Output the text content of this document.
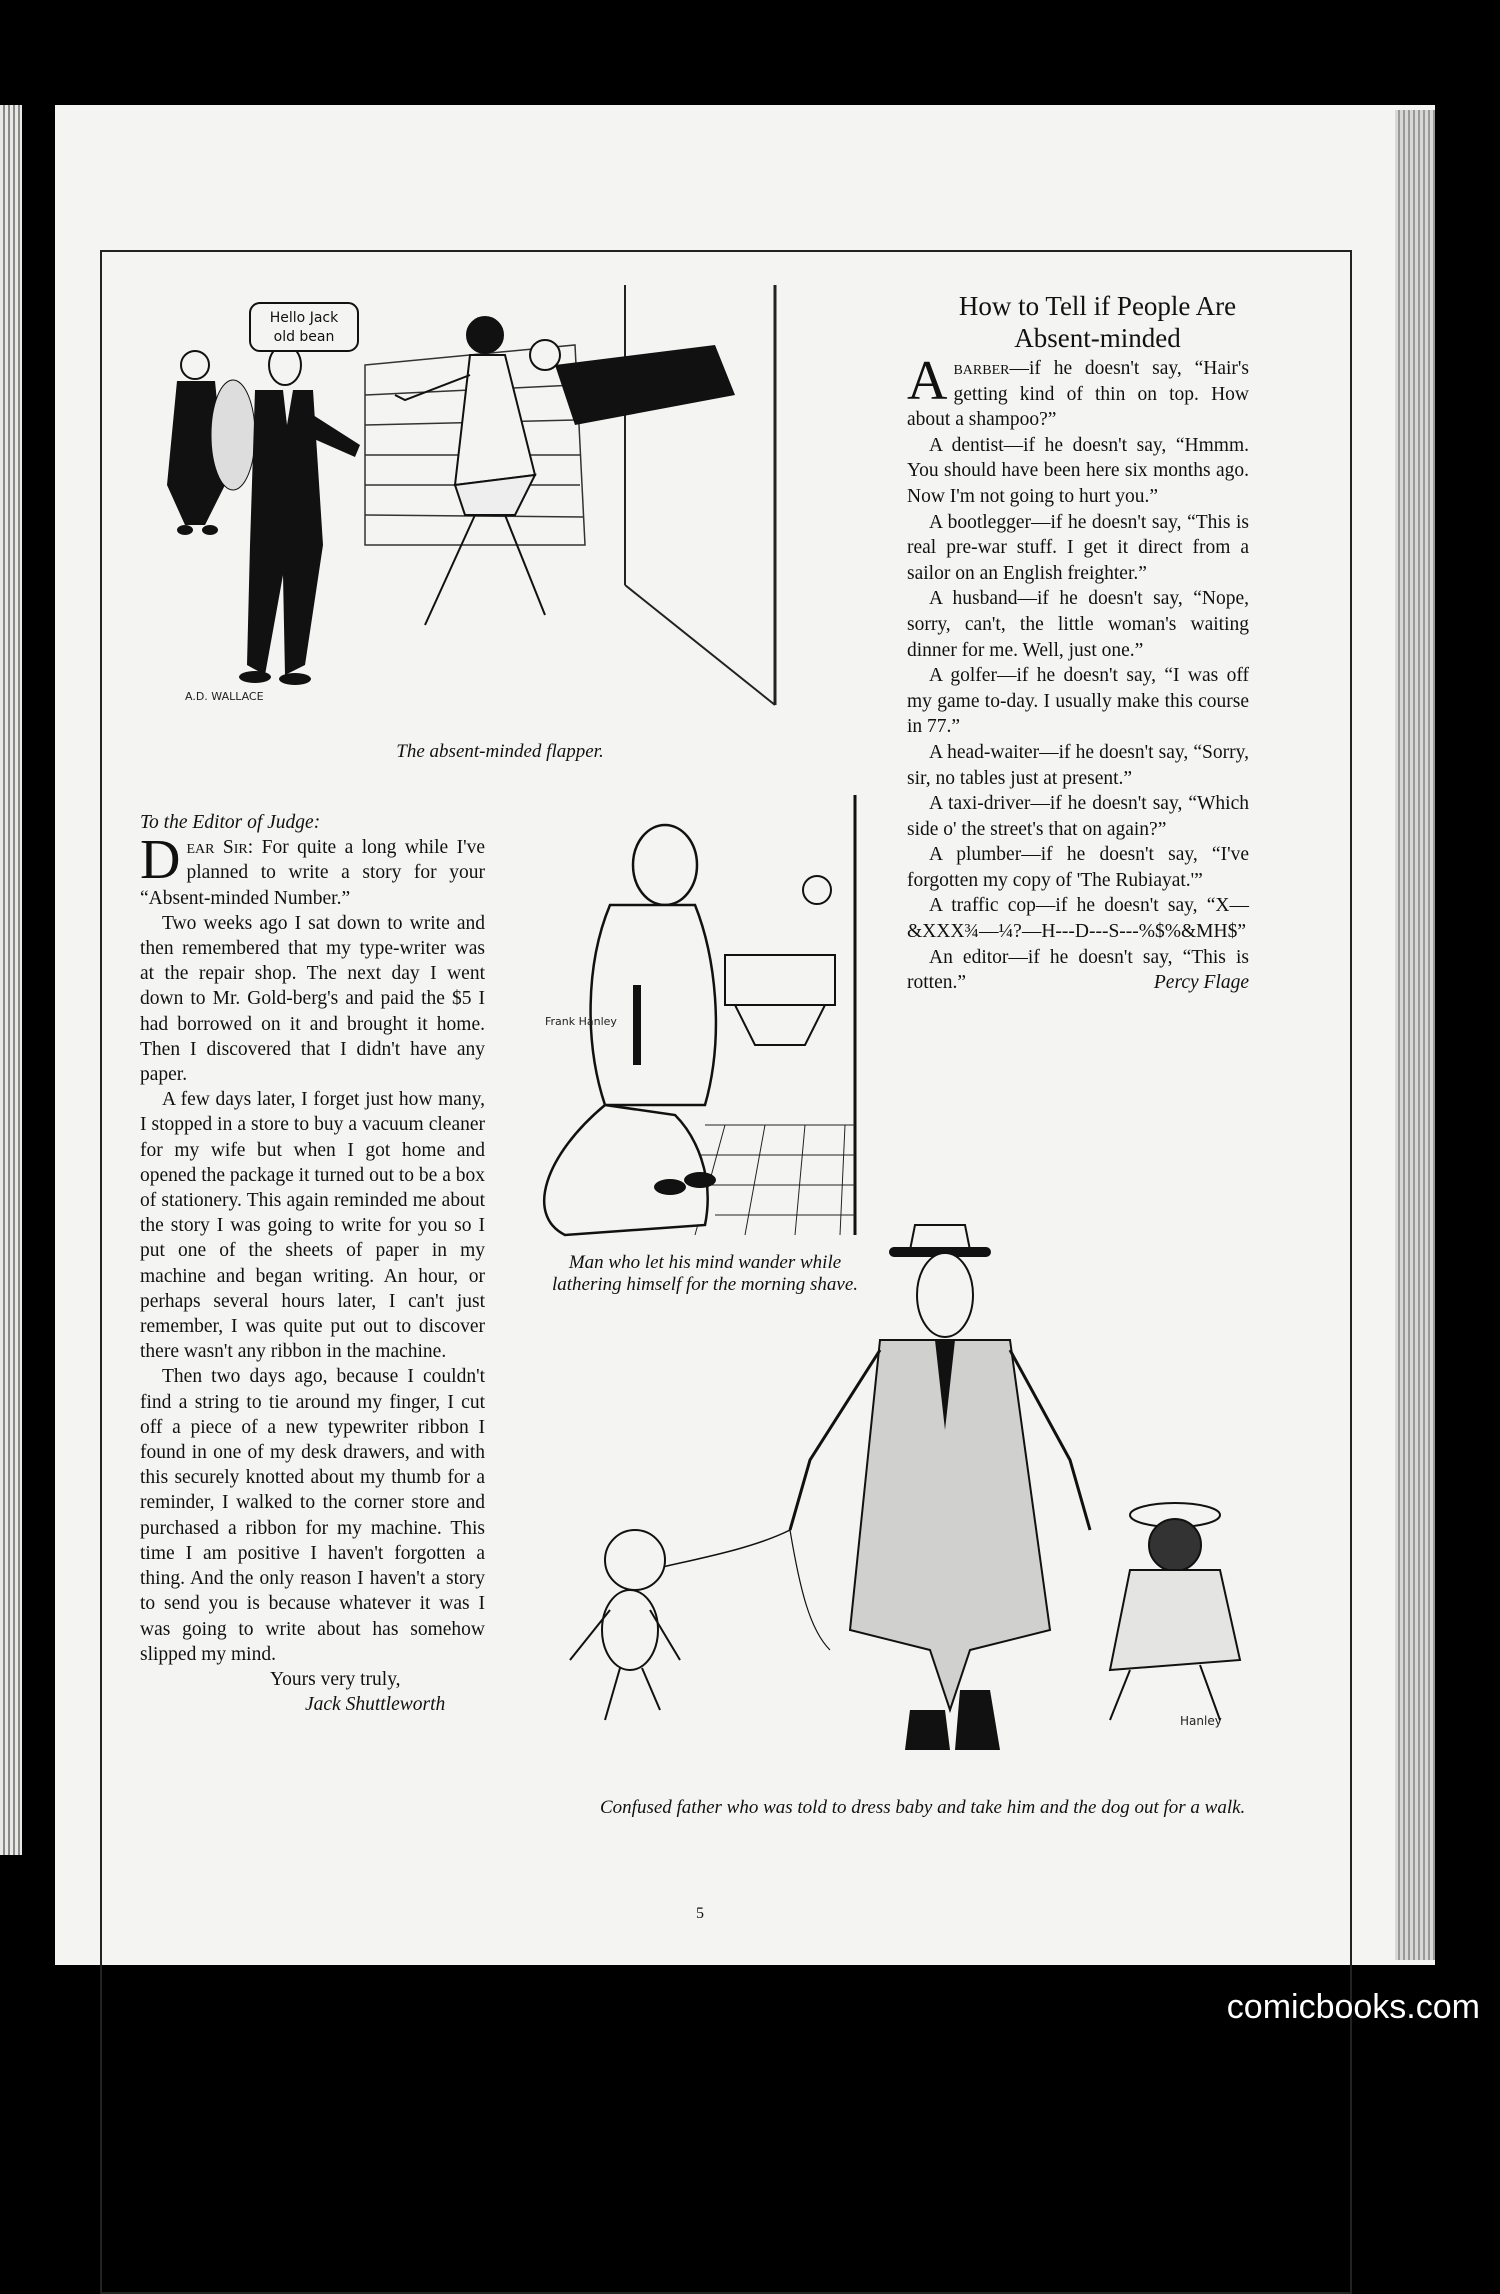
Hello Jack
old bean
A.D. WALLACE
The absent-minded flapper.
How to Tell if People Are
Absent-minded

Abarber—if he doesn't say, “Hair's getting kind of thin on top. How about a shampoo?”

A dentist—if he doesn't say, “Hmmm. You should have been here six months ago. Now I'm not going to hurt you.”

A bootlegger—if he doesn't say, “This is real pre-war stuff. I get it direct from a sailor on an English freighter.”

A husband—if he doesn't say, “Nope, sorry, can't, the little woman's waiting dinner for me. Well, just one.”

A golfer—if he doesn't say, “I was off my game to-day. I usually make this course in 77.”

A head-waiter—if he doesn't say, “Sorry, sir, no tables just at present.”

A taxi-driver—if he doesn't say, “Which side o' the street's that on again?”

A plumber—if he doesn't say, “I've forgotten my copy of 'The Rubiayat.'”

A traffic cop—if he doesn't say, “X—&XXX¾—¼?—H---D---S---%$%&MH$”

An editor—if he doesn't say, “This is rotten.”	Percy Flage

To the Editor of Judge:

Dear Sir: For quite a long while I've planned to write a story for your “Absent-minded Number.”

Two weeks ago I sat down to write and then remembered that my type-writer was at the repair shop. The next day I went down to Mr. Gold-berg's and paid the $5 I had borrowed on it and brought it home. Then I discovered that I didn't have any paper.

A few days later, I forget just how many, I stopped in a store to buy a vacuum cleaner for my wife but when I got home and opened the package it turned out to be a box of stationery. This again reminded me about the story I was going to write for you so I put one of the sheets of paper in my machine and began writing. An hour, or perhaps several hours later, I can't just remember, I was quite put out to discover there wasn't any ribbon in the machine.

Then two days ago, because I couldn't find a string to tie around my finger, I cut off a piece of a new typewriter ribbon I found in one of my desk drawers, and with this securely knotted about my thumb for a reminder, I walked to the corner store and purchased a ribbon for my machine. This time I am positive I haven't forgotten a thing. And the only reason I haven't a story to send you is because whatever it was I was going to write about has somehow slipped my mind.

Yours very truly,

Jack Shuttleworth

Frank Hanley
Man who let his mind wander while lathering himself for the morning shave.
Hanley
Confused father who was told to dress baby and take him and the dog out for a walk.
5
comicbooks.com
